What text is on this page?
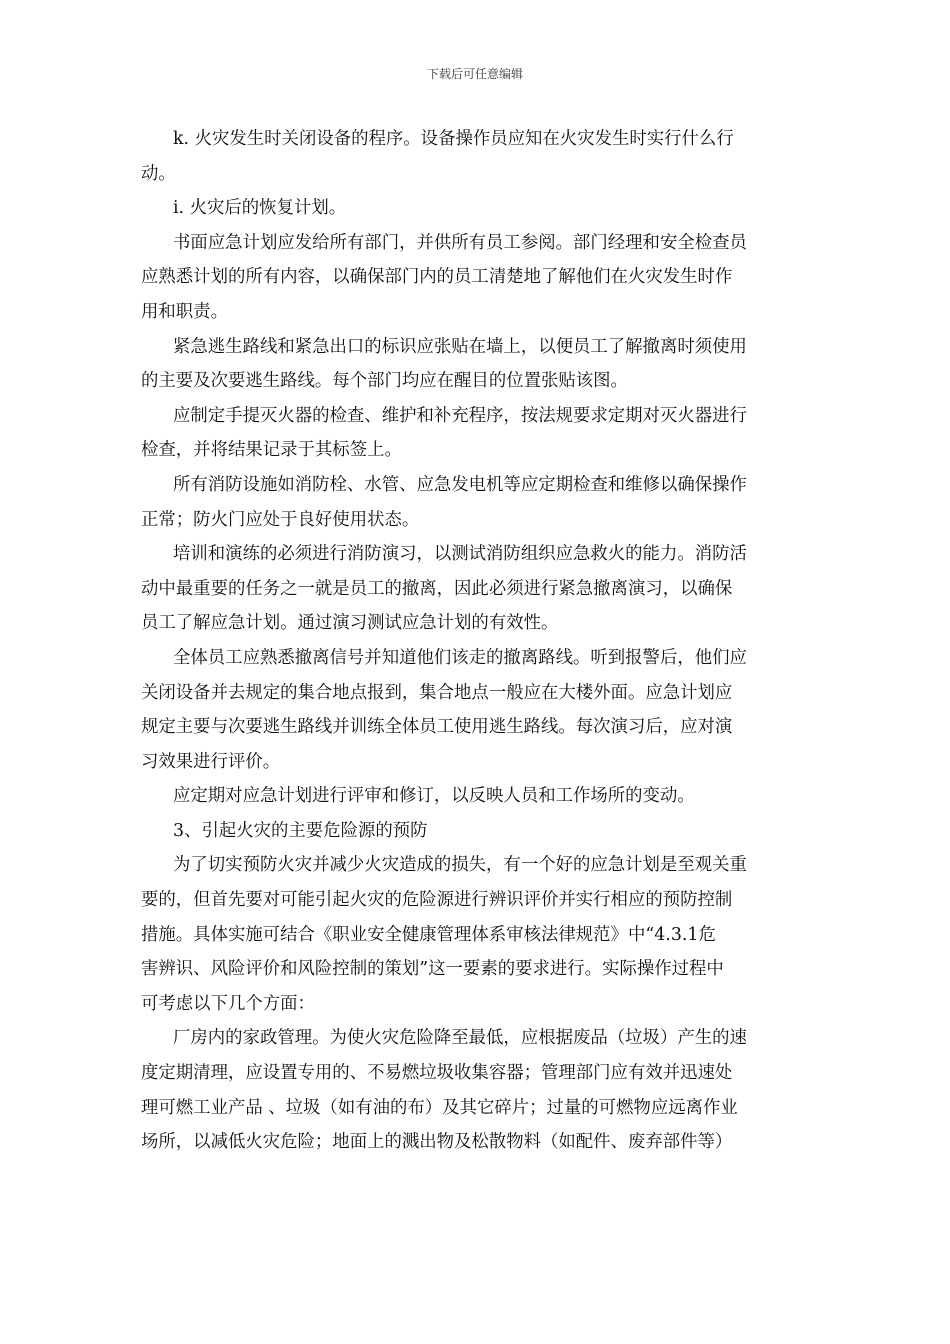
下载后可任意编辑
k. 火灾发生时关闭设备的程序。设备操作员应知在火灾发生时实行什么行
动。
i. 火灾后的恢复计划。
书面应急计划应发给所有部门，并供所有员工参阅。部门经理和安全检查员
应熟悉计划的所有内容，以确保部门内的员工清楚地了解他们在火灾发生时作
用和职责。
紧急逃生路线和紧急出口的标识应张贴在墙上，以便员工了解撤离时须使用
的主要及次要逃生路线。每个部门均应在醒目的位置张贴该图。
应制定手提灭火器的检查、维护和补充程序，按法规要求定期对灭火器进行
检查，并将结果记录于其标签上。
所有消防设施如消防栓、水管、应急发电机等应定期检查和维修以确保操作
正常；防火门应处于良好使用状态。
培训和演练的必须进行消防演习，以测试消防组织应急救火的能力。消防活
动中最重要的任务之一就是员工的撤离，因此必须进行紧急撤离演习，以确保
员工了解应急计划。通过演习测试应急计划的有效性。
全体员工应熟悉撤离信号并知道他们该走的撤离路线。听到报警后，他们应
关闭设备并去规定的集合地点报到，集合地点一般应在大楼外面。应急计划应
规定主要与次要逃生路线并训练全体员工使用逃生路线。每次演习后，应对演
习效果进行评价。
应定期对应急计划进行评审和修订，以反映人员和工作场所的变动。
3、引起火灾的主要危险源的预防
为了切实预防火灾并减少火灾造成的损失，有一个好的应急计划是至观关重
要的，但首先要对可能引起火灾的危险源进行辨识评价并实行相应的预防控制
措施。具体实施可结合《职业安全健康管理体系审核法律规范》中“4.3.1危
害辨识、风险评价和风险控制的策划”这一要素的要求进行。实际操作过程中
可考虑以下几个方面：
厂房内的家政管理。为使火灾危险降至最低，应根据废品（垃圾）产生的速
度定期清理，应设置专用的、不易燃垃圾收集容器；管理部门应有效并迅速处
理可燃工业产品 、垃圾（如有油的布）及其它碎片；过量的可燃物应远离作业
场所，以减低火灾危险；地面上的溅出物及松散物料（如配件、废弃部件等）
